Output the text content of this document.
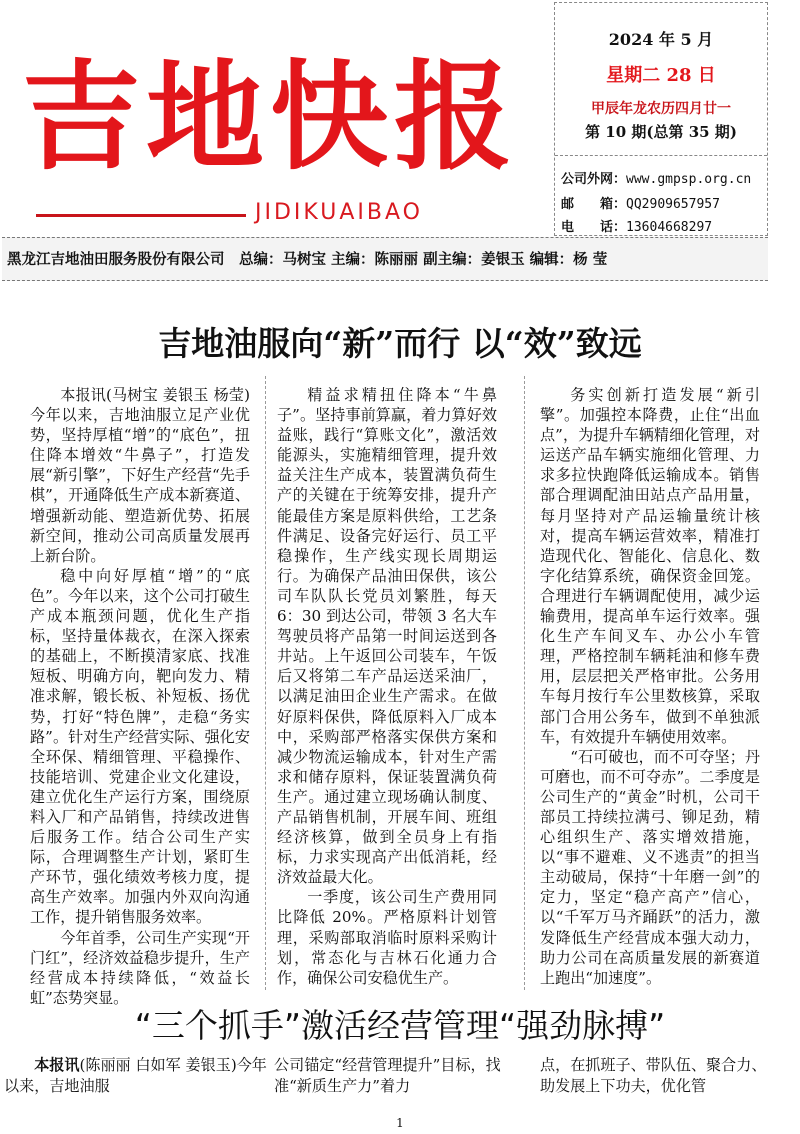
吉地快报
JIDIKUAIBAO
2024 年 5 月
星期二 28 日
甲辰年龙农历四月廿一
第 10 期(总第 35 期)
公司外网：www.gmpsp.org.cn
邮　　箱：QQ2909657957
电　　话：13604668297
黑龙江吉地油田服务股份有限公司　总编：马树宝 主编：陈丽丽 副主编：姜银玉 编辑：杨 莹
吉地油服向“新”而行 以“效”致远

本报讯(马树宝 姜银玉 杨莹)今年以来，吉地油服立足产业优势，坚持厚植“增”的“底色”，扭住降本增效“牛鼻子”，打造发展“新引擎”，下好生产经营“先手棋”，开通降低生产成本新赛道、增强新动能、塑造新优势、拓展新空间，推动公司高质量发展再上新台阶。

稳中向好厚植“增”的“底色”。今年以来，这个公司打破生产成本瓶颈问题，优化生产指标，坚持量体裁衣，在深入探索的基础上，不断摸清家底、找准短板、明确方向，靶向发力、精准求解，锻长板、补短板、扬优势，打好“特色牌”，走稳“务实路”。针对生产经营实际、强化安全环保、精细管理、平稳操作、技能培训、党建企业文化建设，建立优化生产运行方案，围绕原料入厂和产品销售，持续改进售后服务工作。结合公司生产实际，合理调整生产计划，紧盯生产环节，强化绩效考核力度，提高生产效率。加强内外双向沟通工作，提升销售服务效率。

今年首季，公司生产实现“开门红”，经济效益稳步提升，生产经营成本持续降低，“效益长虹”态势突显。

精益求精扭住降本“牛鼻子”。坚持事前算赢，着力算好效益账，践行“算账文化”，激活效能源头，实施精细管理，提升效益关注生产成本，装置满负荷生产的关键在于统筹安排，提升产能最佳方案是原料供给，工艺条件满足、设备完好运行、员工平稳操作，生产线实现长周期运行。为确保产品油田保供，该公司车队队长党员刘繁胜，每天 6：30 到达公司，带领 3 名大车驾驶员将产品第一时间运送到各井站。上午返回公司装车，午饭后又将第二车产品运送采油厂，以满足油田企业生产需求。在做好原料保供，降低原料入厂成本中，采购部严格落实保供方案和减少物流运输成本，针对生产需求和储存原料，保证装置满负荷生产。通过建立现场确认制度、产品销售机制，开展车间、班组经济核算，做到全员身上有指标，力求实现高产出低消耗，经济效益最大化。

一季度，该公司生产费用同比降低 20%。严格原料计划管理，采购部取消临时原料采购计划，常态化与吉林石化通力合作，确保公司安稳优生产。

务实创新打造发展“新引擎”。加强控本降费，止住“出血点”，为提升车辆精细化管理，对运送产品车辆实施细化管理、力求多拉快跑降低运输成本。销售部合理调配油田站点产品用量，每月坚持对产品运输量统计核对，提高车辆运营效率，精准打造现代化、智能化、信息化、数字化结算系统，确保资金回笼。合理进行车辆调配使用，减少运输费用，提高单车运行效率。强化生产车间叉车、办公小车管理，严格控制车辆耗油和修车费用，层层把关严格审批。公务用车每月按行车公里数核算，采取部门合用公务车，做到不单独派车，有效提升车辆使用效率。

“石可破也，而不可夺坚；丹可磨也，而不可夺赤”。二季度是公司生产的“黄金”时机，公司干部员工持续拉满弓、铆足劲，精心组织生产、落实增效措施，以“事不避难、义不逃责”的担当主动破局，保持“十年磨一剑”的定力，坚定“稳产高产”信心，以“千军万马齐踊跃”的活力，激发降低生产经营成本强大动力，助力公司在高质量发展的新赛道上跑出“加速度”。

“三个抓手”激活经营管理“强劲脉搏”

本报讯(陈丽丽 白如军 姜银玉)今年以来，吉地油服

公司锚定“经营管理提升”目标，找准“新质生产力”着力

点，在抓班子、带队伍、聚合力、助发展上下功夫，优化管

1
